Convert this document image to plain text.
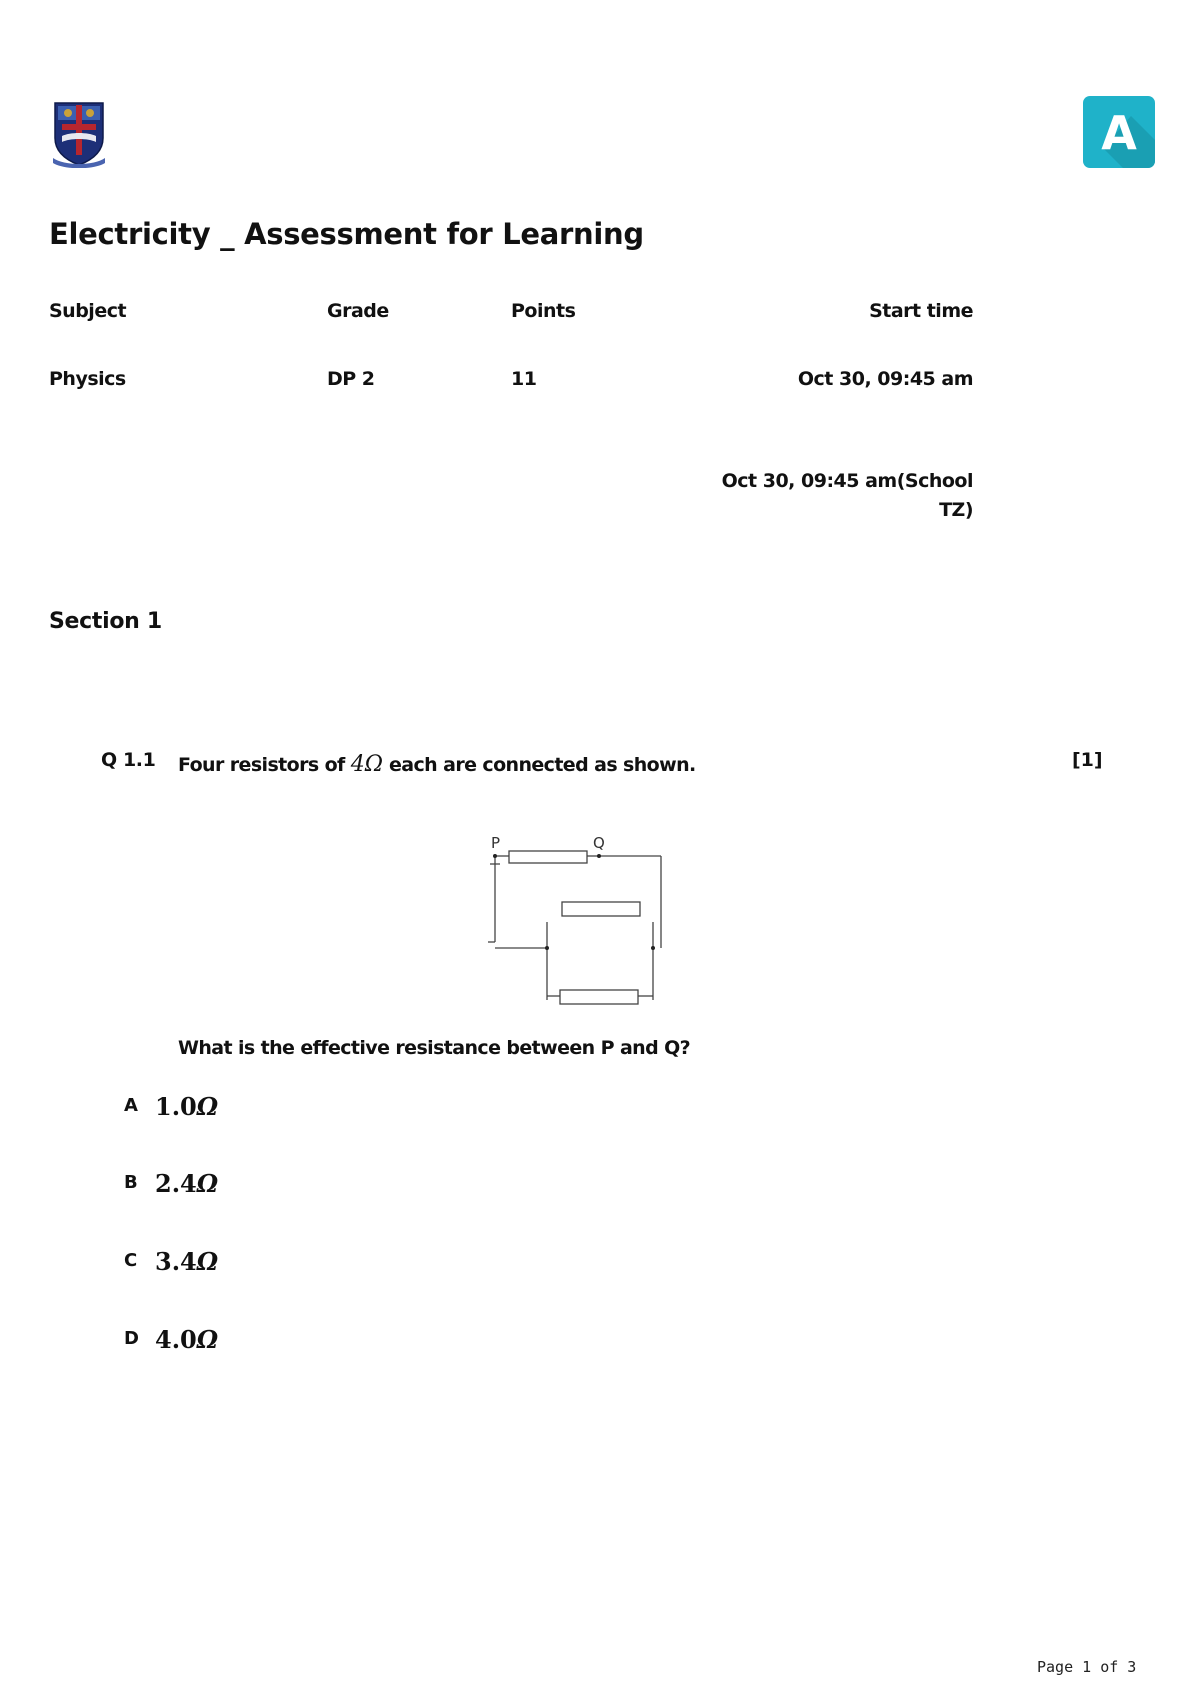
A
Electricity _ Assessment for Learning
Subject	Grade	Points	Start time
Physics	DP 2	11	Oct 30, 09:45 am
Oct 30, 09:45 am(School
TZ)
Section 1
Q 1.1 Four resistors of 4Ω each are connected as shown.	[1]
P	Q
What is the effective resistance between P and Q?
A 1.0Ω
B 2.4Ω
C 3.4Ω
D 4.0Ω
Page 1 of 3
